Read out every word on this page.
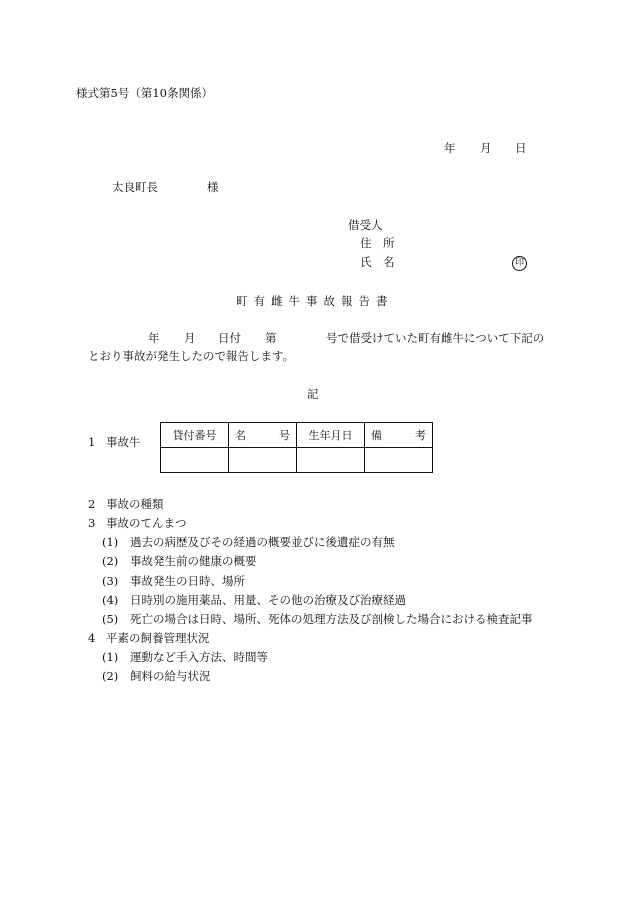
様式第5号（第10条関係）
年 月 日
太良町長	様
借受人
住　所
氏　名	印
町有雌牛事故報告書
年 月 日付 第	号で借受けていた町有雌牛について下記の
とおり事故が発生したので報告します。
記
1 事故牛	貸付番号	名　　　号	生年月日	備　　　考

2 事故の種類
3 事故のてんまつ
(1) 過去の病歴及びその経過の概要並びに後遺症の有無
(2) 事故発生前の健康の概要
(3) 事故発生の日時、場所
(4) 日時別の施用薬品、用量、その他の治療及び治療経過
(5) 死亡の場合は日時、場所、死体の処理方法及び剖検した場合における検査記事
4 平素の飼養管理状況
(1) 運動など手入方法、時間等
(2) 飼料の給与状況
